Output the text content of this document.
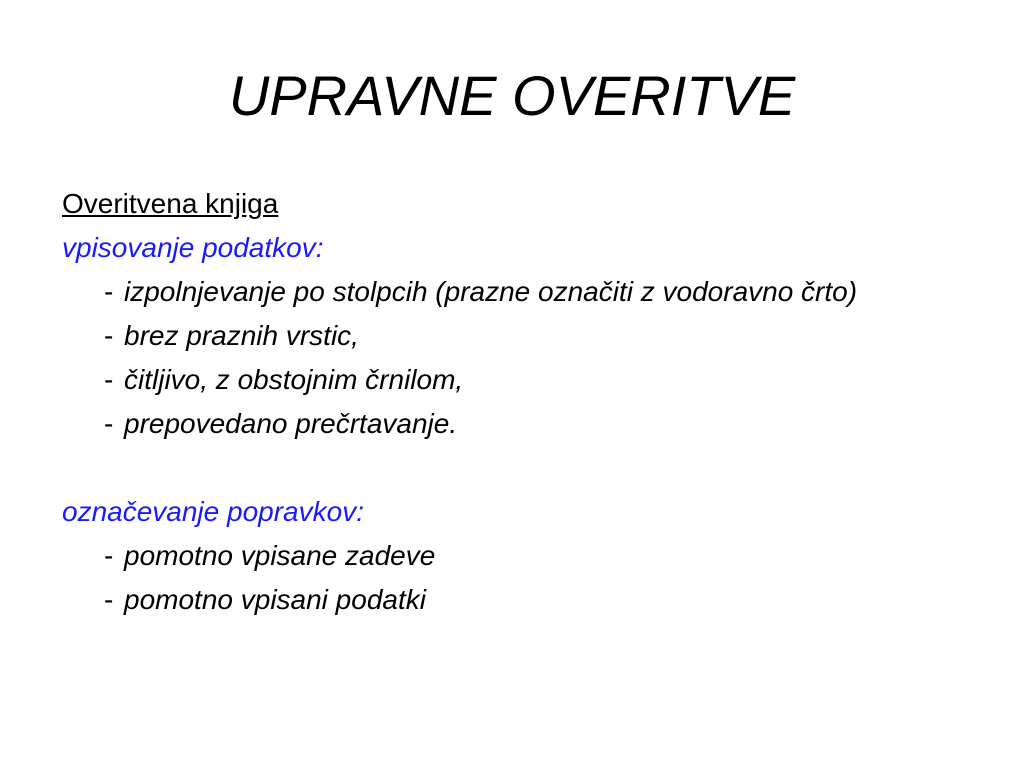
UPRAVNE OVERITVE
Overitvena knjiga
vpisovanje podatkov:
- izpolnjevanje po stolpcih (prazne označiti z vodoravno črto)
- brez praznih vrstic,
- čitljivo, z obstojnim črnilom,
- prepovedano prečrtavanje.
označevanje popravkov:
- pomotno vpisane zadeve
- pomotno vpisani podatki
